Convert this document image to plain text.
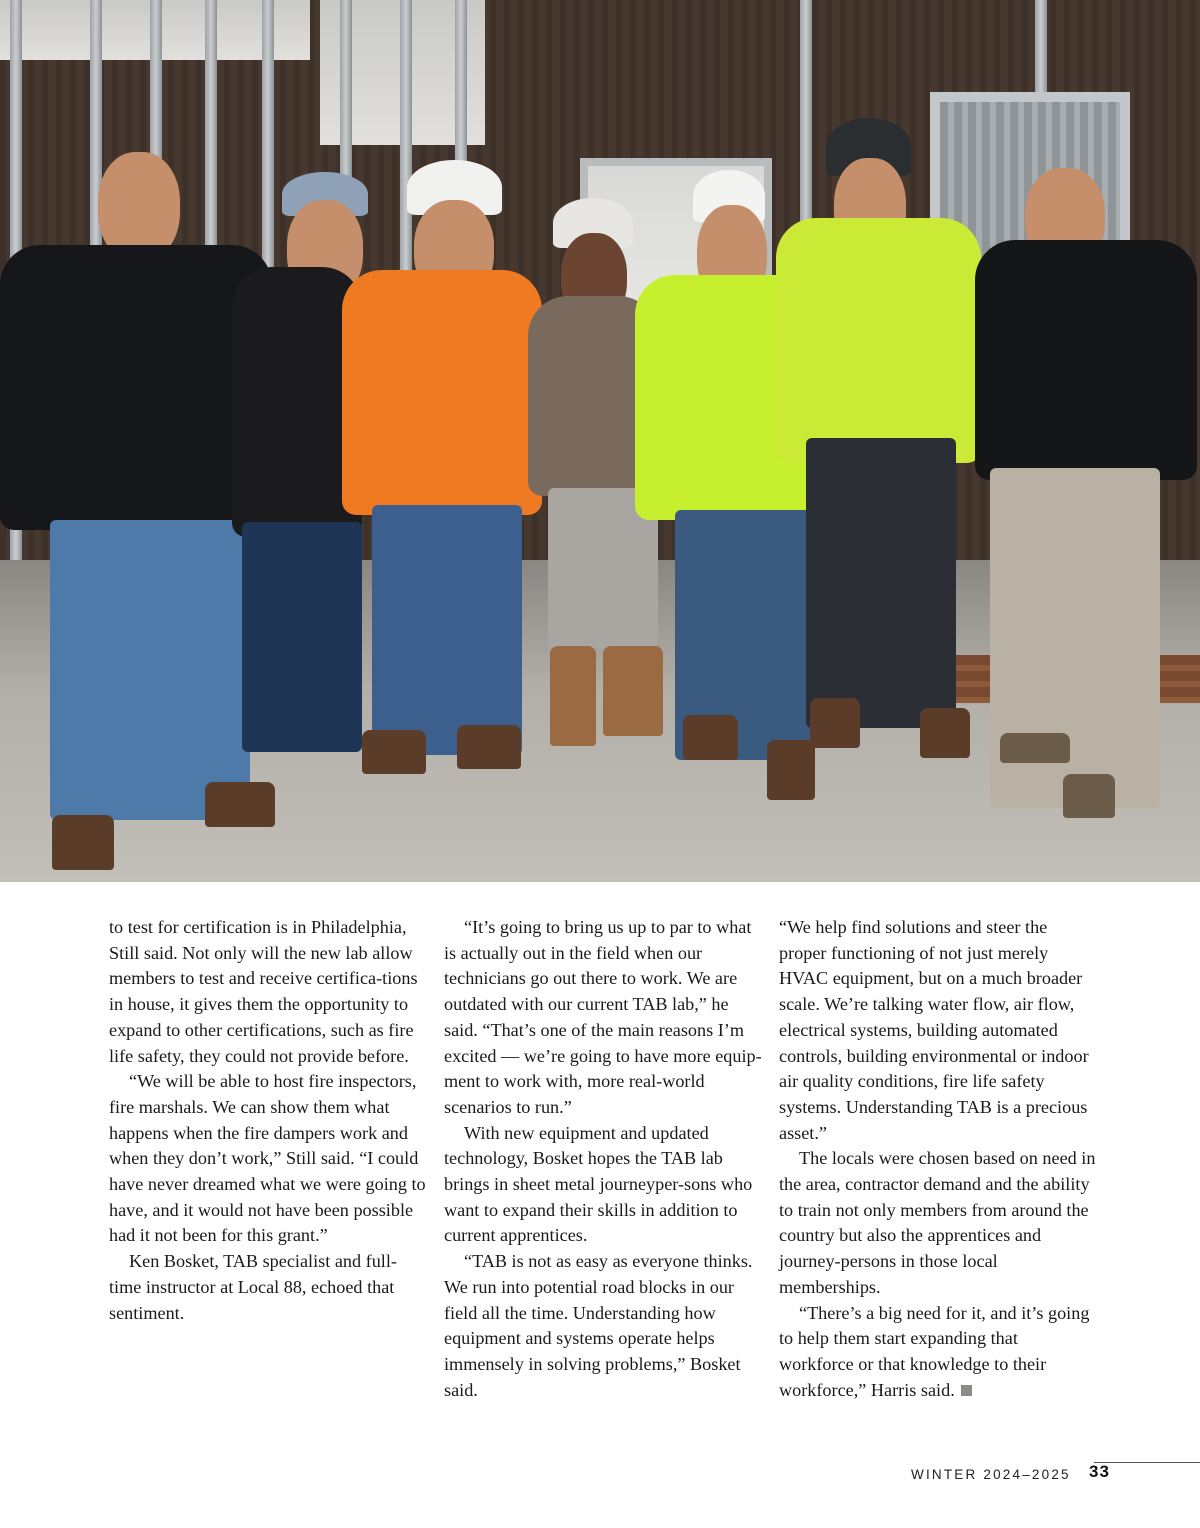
to test for certification is in Philadelphia, Still said. Not only will the new lab allow members to test and receive certifica-tions in house, it gives them the opportunity to expand to other certifications, such as fire life safety, they could not provide before.

“We will be able to host fire inspectors, fire marshals. We can show them what happens when the fire dampers work and when they don’t work,” Still said. “I could have never dreamed what we were going to have, and it would not have been possible had it not been for this grant.”

Ken Bosket, TAB specialist and full-time instructor at Local 88, echoed that sentiment.

“It’s going to bring us up to par to what is actually out in the field when our technicians go out there to work. We are outdated with our current TAB lab,” he said. “That’s one of the main reasons I’m excited — we’re going to have more equip-ment to work with, more real-world scenarios to run.”

With new equipment and updated technology, Bosket hopes the TAB lab brings in sheet metal journeyper-sons who want to expand their skills in addition to current apprentices.

“TAB is not as easy as everyone thinks. We run into potential road blocks in our field all the time. Understanding how equipment and systems operate helps immensely in solving problems,” Bosket said.

“We help find solutions and steer the proper functioning of not just merely HVAC equipment, but on a much broader scale. We’re talking water flow, air flow, electrical systems, building automated controls, building environmental or indoor air quality conditions, fire life safety systems. Understanding TAB is a precious asset.”

The locals were chosen based on need in the area, contractor demand and the ability to train not only members from around the country but also the apprentices and journey-persons in those local memberships.

“There’s a big need for it, and it’s going to help them start expanding that workforce or that knowledge to their workforce,” Harris said.

WINTER 2024–2025 33
